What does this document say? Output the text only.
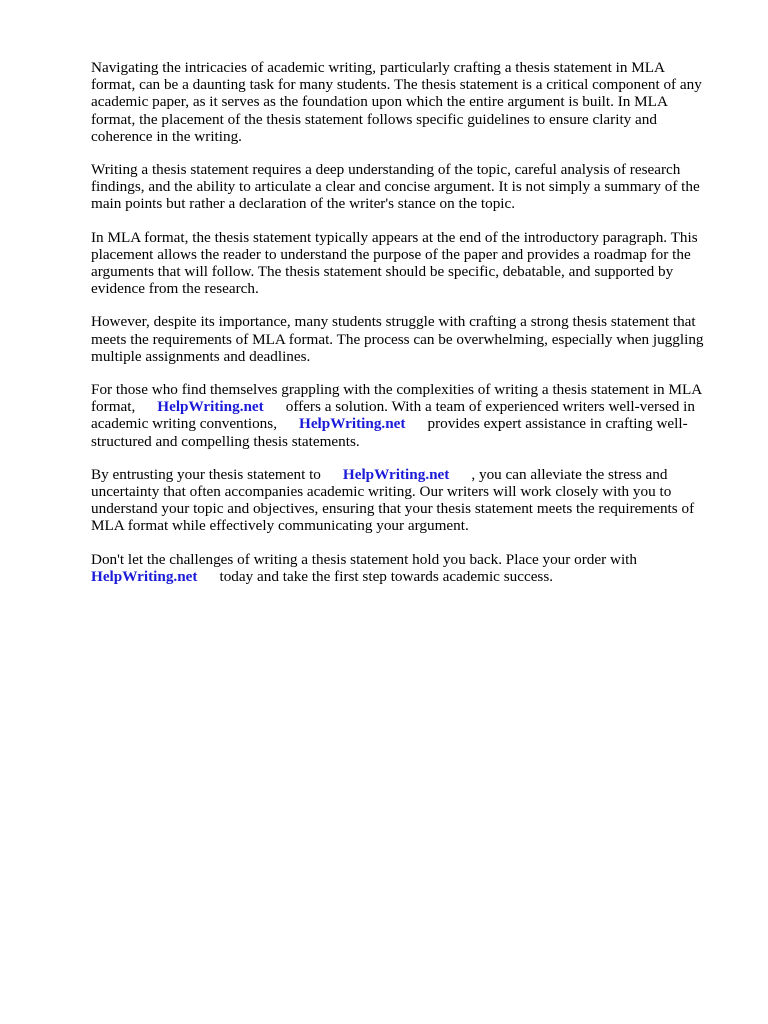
Navigating the intricacies of academic writing, particularly crafting a thesis statement in MLA
format, can be a daunting task for many students. The thesis statement is a critical component of any
academic paper, as it serves as the foundation upon which the entire argument is built. In MLA
format, the placement of the thesis statement follows specific guidelines to ensure clarity and
coherence in the writing.

Writing a thesis statement requires a deep understanding of the topic, careful analysis of research
findings, and the ability to articulate a clear and concise argument. It is not simply a summary of the
main points but rather a declaration of the writer's stance on the topic.

In MLA format, the thesis statement typically appears at the end of the introductory paragraph. This
placement allows the reader to understand the purpose of the paper and provides a roadmap for the
arguments that will follow. The thesis statement should be specific, debatable, and supported by
evidence from the research.

However, despite its importance, many students struggle with crafting a strong thesis statement that
meets the requirements of MLA format. The process can be overwhelming, especially when juggling
multiple assignments and deadlines.

For those who find themselves grappling with the complexities of writing a thesis statement in MLA
format, HelpWriting.net offers a solution. With a team of experienced writers well-versed in
academic writing conventions, HelpWriting.net provides expert assistance in crafting well-
structured and compelling thesis statements.

By entrusting your thesis statement to HelpWriting.net , you can alleviate the stress and
uncertainty that often accompanies academic writing. Our writers will work closely with you to
understand your topic and objectives, ensuring that your thesis statement meets the requirements of
MLA format while effectively communicating your argument.

Don't let the challenges of writing a thesis statement hold you back. Place your order with
HelpWriting.net today and take the first step towards academic success.
